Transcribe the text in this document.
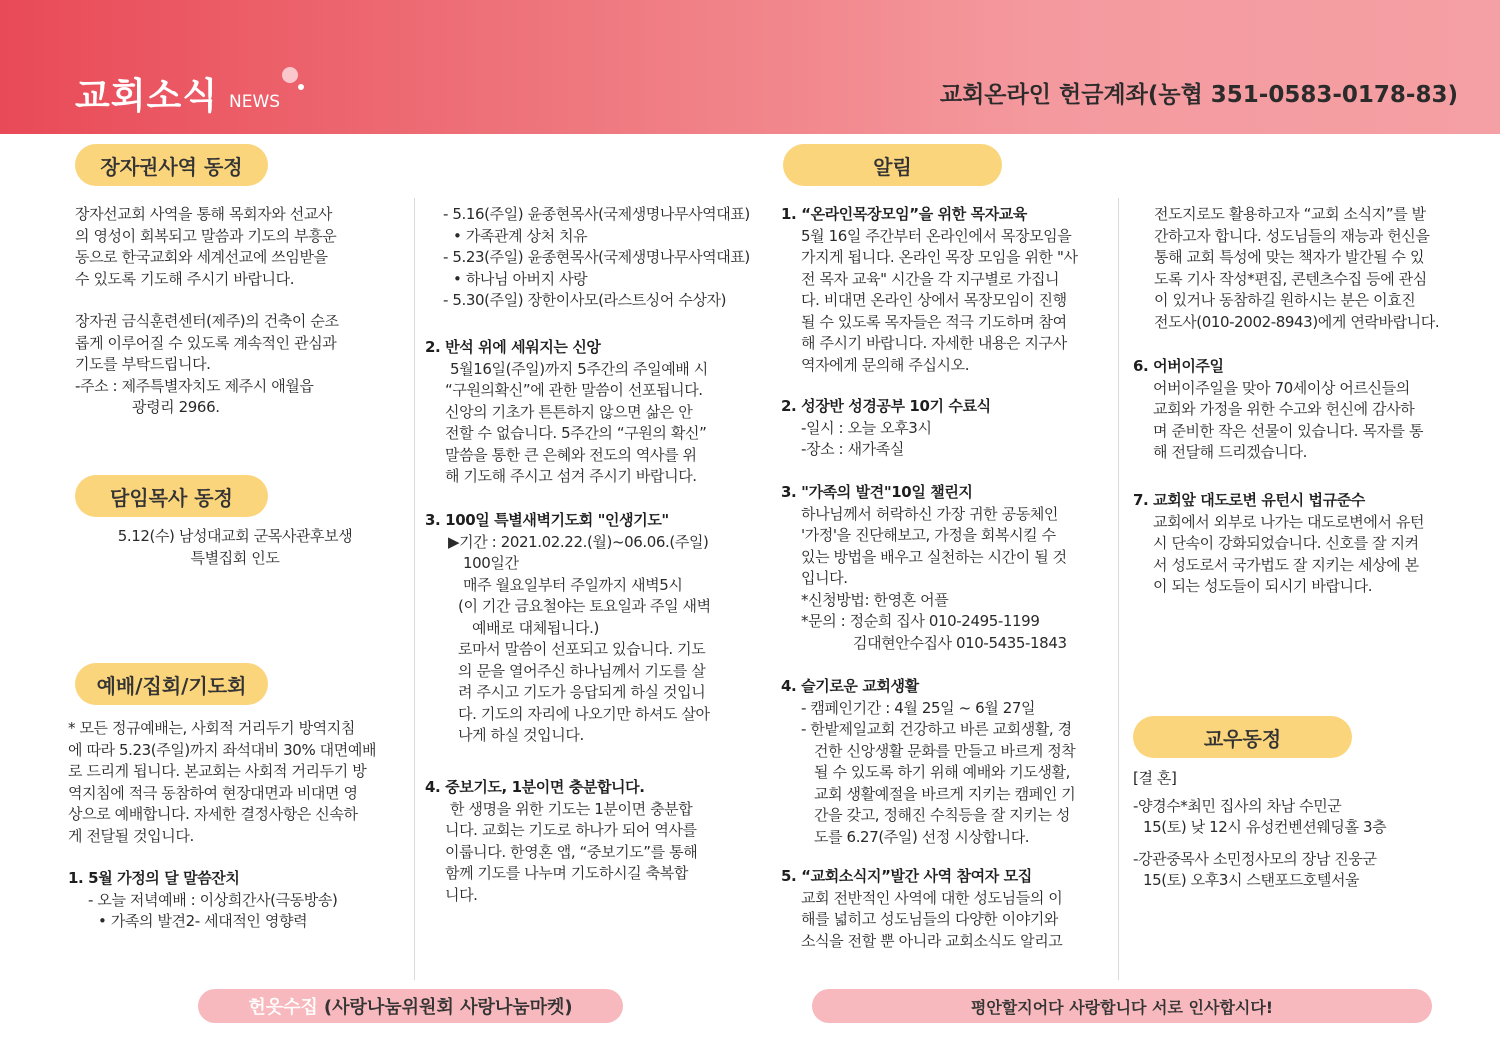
교회소식 NEWS	교회온라인 헌금계좌(농협 351-0583-0178-83)
장자권사역 동정
담임목사 동정
예배/집회/기도회
알림
교우동정

장자선교회 사역을 통해 목회자와 선교사

의 영성이 회복되고 말씀과 기도의 부흥운

동으로 한국교회와 세계선교에 쓰임받을

수 있도록 기도해 주시기 바랍니다.

장자권 금식훈련센터(제주)의 건축이 순조

롭게 이루어질 수 있도록 계속적인 관심과

기도를 부탁드립니다.

-주소 : 제주특별자치도 제주시 애월읍

광령리 2966.

5.12(수) 남성대교회 군목사관후보생

특별집회 인도

* 모든 정규예배는, 사회적 거리두기 방역지침

에 따라 5.23(주일)까지 좌석대비 30% 대면예배

로 드리게 됩니다. 본교회는 사회적 거리두기 방

역지침에 적극 동참하여 현장대면과 비대면 영

상으로 예배합니다. 자세한 결정사항은 신속하

게 전달될 것입니다.

1. 5월 가정의 달 말씀잔치

- 오늘 저녁예배 : 이상희간사(극동방송)

• 가족의 발견2- 세대적인 영향력

- 5.16(주일) 윤종현목사(국제생명나무사역대표)

• 가족관계 상처 치유

- 5.23(주일) 윤종현목사(국제생명나무사역대표)

• 하나님 아버지 사랑

- 5.30(주일) 장한이사모(라스트싱어 수상자)

2. 반석 위에 세워지는 신앙

5월16일(주일)까지 5주간의 주일예배 시

“구원의확신”에 관한 말씀이 선포됩니다.

신앙의 기초가 튼튼하지 않으면 삶은 안

전할 수 없습니다. 5주간의 “구원의 확신”

말씀을 통한 큰 은혜와 전도의 역사를 위

해 기도해 주시고 섬겨 주시기 바랍니다.

3. 100일 특별새벽기도회 "인생기도"

▶기간 : 2021.02.22.(월)~06.06.(주일)

100일간

매주 월요일부터 주일까지 새벽5시

(이 기간 금요철야는 토요일과 주일 새벽

예배로 대체됩니다.)

로마서 말씀이 선포되고 있습니다. 기도

의 문을 열어주신 하나님께서 기도를 살

려 주시고 기도가 응답되게 하실 것입니

다. 기도의 자리에 나오기만 하셔도 살아

나게 하실 것입니다.

4. 중보기도, 1분이면 충분합니다.

한 생명을 위한 기도는 1분이면 충분합

니다. 교회는 기도로 하나가 되어 역사를

이룹니다. 한영혼 앱, “중보기도”를 통해

함께 기도를 나누며 기도하시길 축복합

니다.

1. “온라인목장모임”을 위한 목자교육

5월 16일 주간부터 온라인에서 목장모임을

가지게 됩니다. 온라인 목장 모임을 위한 "사

전 목자 교육" 시간을 각 지구별로 가집니

다. 비대면 온라인 상에서 목장모임이 진행

될 수 있도록 목자들은 적극 기도하며 참여

해 주시기 바랍니다. 자세한 내용은 지구사

역자에게 문의해 주십시오.

2. 성장반 성경공부 10기 수료식

-일시 : 오늘 오후3시

-장소 : 새가족실

3. "가족의 발견"10일 챌린지

하나님께서 허락하신 가장 귀한 공동체인

'가정'을 진단해보고, 가정을 회복시킬 수

있는 방법을 배우고 실천하는 시간이 될 것

입니다.

*신청방법: 한영혼 어플

*문의 : 정순희 집사 010-2495-1199

김대현안수집사 010-5435-1843

4. 슬기로운 교회생활

- 캠페인기간 : 4월 25일 ~ 6월 27일

- 한밭제일교회 건강하고 바른 교회생활, 경

건한 신앙생활 문화를 만들고 바르게 정착

될 수 있도록 하기 위해 예배와 기도생활,

교회 생활예절을 바르게 지키는 캠페인 기

간을 갖고, 정해진 수칙등을 잘 지키는 성

도를 6.27(주일) 선정 시상합니다.

5. “교회소식지”발간 사역 참여자 모집

교회 전반적인 사역에 대한 성도님들의 이

해를 넓히고 성도님들의 다양한 이야기와

소식을 전할 뿐 아니라 교회소식도 알리고

전도지로도 활용하고자 “교회 소식지”를 발

간하고자 합니다. 성도님들의 재능과 헌신을

통해 교회 특성에 맞는 책자가 발간될 수 있

도록 기사 작성*편집, 콘텐츠수집 등에 관심

이 있거나 동참하길 원하시는 분은 이효진

전도사(010-2002-8943)에게 연락바랍니다.

6. 어버이주일

어버이주일을 맞아 70세이상 어르신들의

교회와 가정을 위한 수고와 헌신에 감사하

며 준비한 작은 선물이 있습니다. 목자를 통

해 전달해 드리겠습니다.

7. 교회앞 대도로변 유턴시 법규준수

교회에서 외부로 나가는 대도로변에서 유턴

시 단속이 강화되었습니다. 신호를 잘 지켜

서 성도로서 국가법도 잘 지키는 세상에 본

이 되는 성도들이 되시기 바랍니다.

[결 혼]

-양경수*최민 집사의 차남 수민군

15(토) 낮 12시 유성컨벤션웨딩홀 3층

-강관중목사 소민정사모의 장남 진웅군

15(토) 오후3시 스탠포드호텔서울

헌옷수집 (사랑나눔위원회 사랑나눔마켓)	평안할지어다 사랑합니다 서로 인사합시다!
